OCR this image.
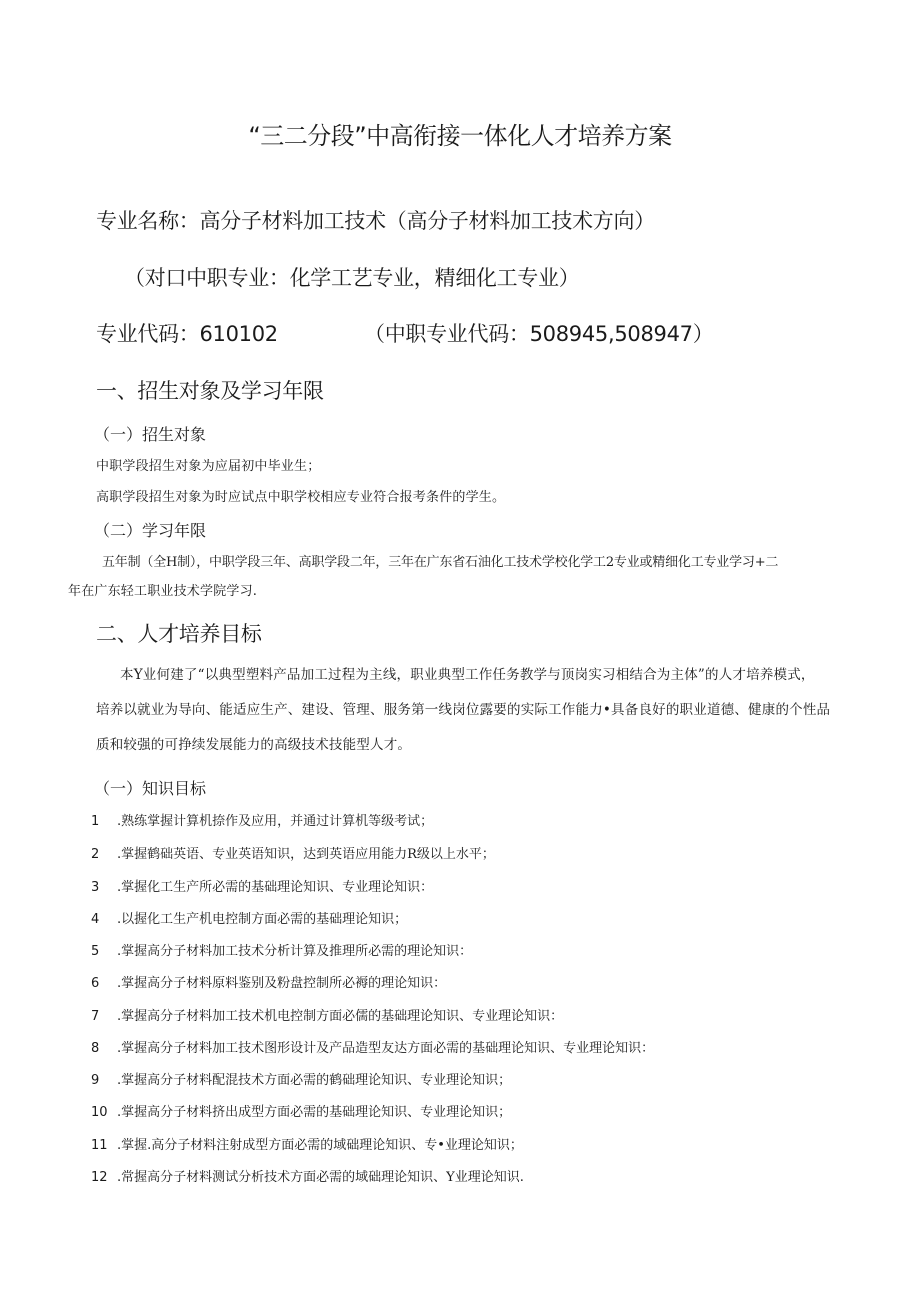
“三二分段”中高衔接一体化人才培养方案
专业名称：高分子材料加工技术（高分子材料加工技术方向）
（对口中职专业：化学工艺专业，精细化工专业）
专业代码：610102	（中职专业代码：508945,508947）
一、招生对象及学习年限
（一）招生对象
中职学段招生对象为应届初中毕业生；
高职学段招生对象为时应试点中职学校相应专业符合报考条件的学生。
（二）学习年限
五年制（全H制），中职学段三年、高职学段二年，三年在广东省石油化工技术学校化学工2专业或精细化工专业学习+二
年在广东轻工职业技术学院学习.
二、人才培养目标
本Y业何建了“以典型塑料产品加工过程为主线，职业典型工作任务教学与顶岗实习相结合为主体”的人才培养模式，
培养以就业为导向、能适应生产、建设、管理、服务第一线岗位露要的实际工作能力•具备良好的职业道德、健康的个性品
质和较强的可挣续发展能力的高级技术技能型人才。
（一）知识目标
1 .熟练掌握计算机捺作及应用，并通过计算机等级考试；
2 .掌握鹤础英语、专业英语知识，达到英语应用能力R级以上水平；
3 .掌握化工生产所必需的基础理论知识、专业理论知识：
4 .以握化工生产机电控制方面必需的基础理论知识；
5 .掌握高分子材料加工技术分析计算及推理所必需的理论知识：
6 .掌握高分子材料原料鉴别及粉盘控制所必褥的理论知识：
7 .掌握高分子材料加工技术机电控制方面必儒的基础理论知识、专业理论知识：
8 .掌握高分子材料加工技术图形设计及产品造型友达方面必需的基础理论知识、专业理论知识：
9 .掌握高分子材料配混技术方面必需的鹤础理论知识、专业理论知识；
10 .掌握高分子材料挤出成型方面必需的基础理论知识、专业理论知识；
11 .掌握.高分子材料注射成型方面必需的域础理论知识、专•业理论知识；
12 .常握高分子材料测试分析技术方面必需的域础理论知识、Y业理论知识.
